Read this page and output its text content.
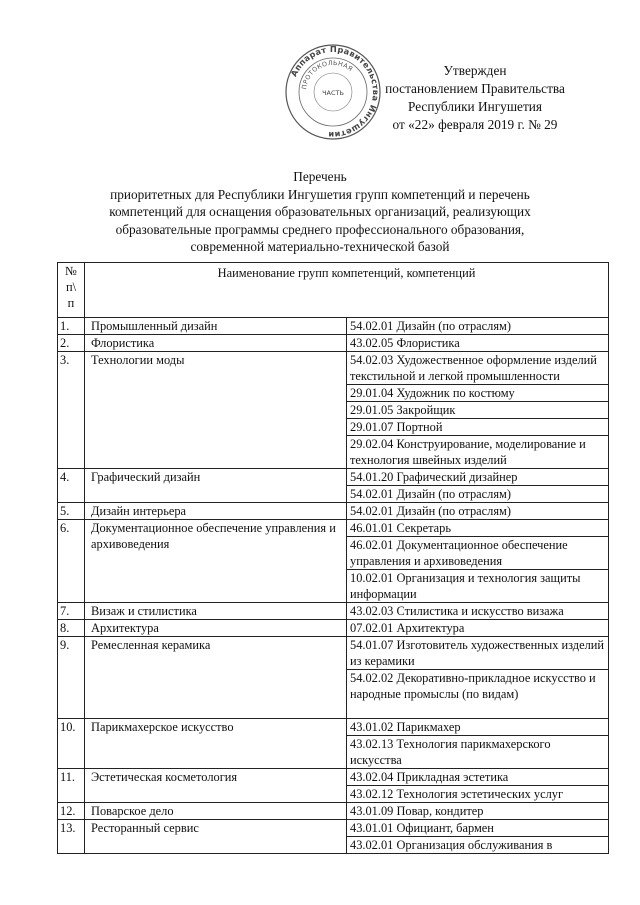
Аппарат Правительства Ингушетии
ПРОТОКОЛЬНАЯ
ЧАСТЬ
Утвержден
постановлением Правительства
Республики Ингушетия
от «22» февраля 2019 г. № 29
Перечень
приоритетных для Республики Ингушетия групп компетенций и перечень
компетенций для оснащения образовательных организаций, реализующих
образовательные программы среднего профессионального образования,
современной материально-технической базой
№
п\
п	Наименование групп компетенций, компетенций	
1.	Промышленный дизайн	54.02.01 Дизайн (по отраслям)
2.	Флористика	43.02.05 Флористика
3.	Технологии моды	54.02.03 Художественное оформление изделий текстильной и легкой промышленности
		29.01.04 Художник по костюму
		29.01.05 Закройщик
		29.01.07 Портной
		29.02.04 Конструирование, моделирование и технология швейных изделий
4.	Графический дизайн	54.01.20 Графический дизайнер
		54.02.01 Дизайн (по отраслям)
5.	Дизайн интерьера	54.02.01 Дизайн (по отраслям)
6.	Документационное обеспечение управления и архивоведения	46.01.01 Секретарь
		46.02.01 Документационное обеспечение управления и архивоведения
		10.02.01 Организация и технология защиты информации
7.	Визаж и стилистика	43.02.03 Стилистика и искусство визажа
8.	Архитектура	07.02.01 Архитектура
9.	Ремесленная керамика	54.01.07 Изготовитель художественных изделий из керамики
		54.02.02 Декоративно-прикладное искусство и народные промыслы (по видам)
10.	Парикмахерское искусство	43.01.02 Парикмахер
		43.02.13 Технология парикмахерского искусства
11.	Эстетическая косметология	43.02.04 Прикладная эстетика
		43.02.12 Технология эстетических услуг
12.	Поварское дело	43.01.09 Повар, кондитер
13.	Ресторанный сервис	43.01.01 Официант, бармен
		43.02.01 Организация обслуживания в
